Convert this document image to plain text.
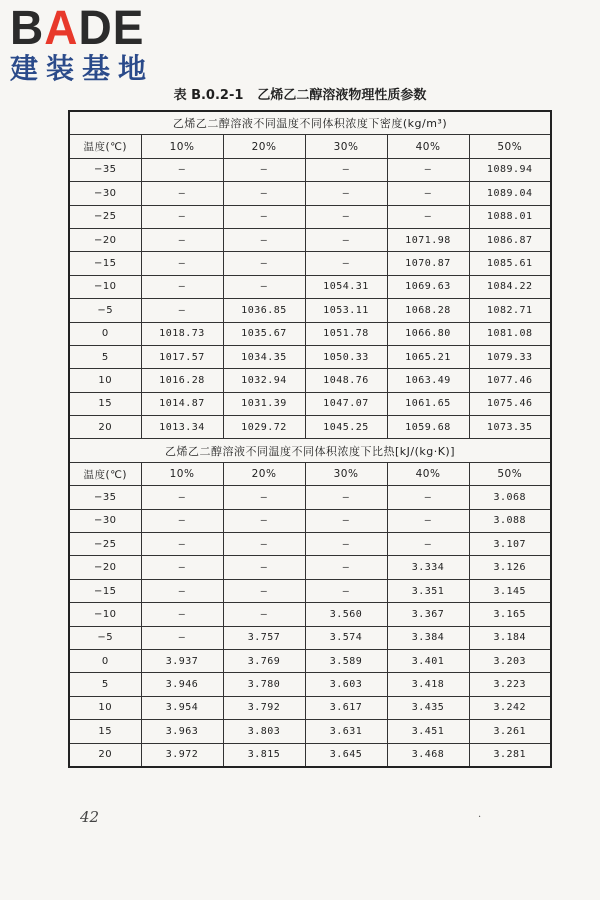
BADE
建装基地
表 B.0.2-1 乙烯乙二醇溶液物理性质参数
乙烯乙二醇溶液不同温度不同体积浓度下密度(kg/m³)					
温度(℃)	10%	20%	30%	40%	50%
−35	—	—	—	—	1089.94
−30	—	—	—	—	1089.04
−25	—	—	—	—	1088.01
−20	—	—	—	1071.98	1086.87
−15	—	—	—	1070.87	1085.61
−10	—	—	1054.31	1069.63	1084.22
−5	—	1036.85	1053.11	1068.28	1082.71
0	1018.73	1035.67	1051.78	1066.80	1081.08
5	1017.57	1034.35	1050.33	1065.21	1079.33
10	1016.28	1032.94	1048.76	1063.49	1077.46
15	1014.87	1031.39	1047.07	1061.65	1075.46
20	1013.34	1029.72	1045.25	1059.68	1073.35
乙烯乙二醇溶液不同温度不同体积浓度下比热[kJ/(kg·K)]					
温度(℃)	10%	20%	30%	40%	50%
−35	—	—	—	—	3.068
−30	—	—	—	—	3.088
−25	—	—	—	—	3.107
−20	—	—	—	3.334	3.126
−15	—	—	—	3.351	3.145
−10	—	—	3.560	3.367	3.165
−5	—	3.757	3.574	3.384	3.184
0	3.937	3.769	3.589	3.401	3.203
5	3.946	3.780	3.603	3.418	3.223
10	3.954	3.792	3.617	3.435	3.242
15	3.963	3.803	3.631	3.451	3.261
20	3.972	3.815	3.645	3.468	3.281
42	·
